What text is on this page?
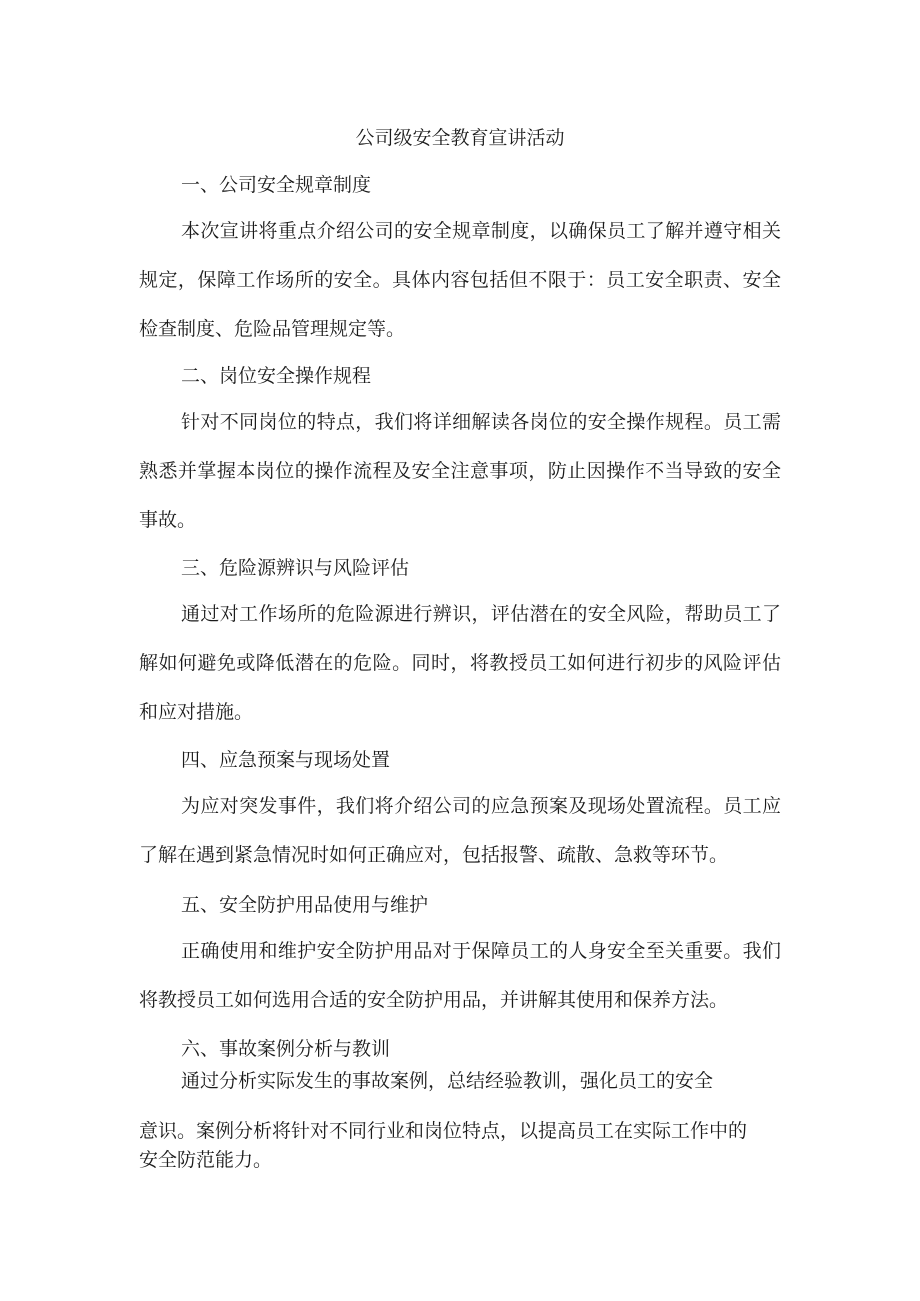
公司级安全教育宣讲活动
一、公司安全规章制度
本次宣讲将重点介绍公司的安全规章制度，以确保员工了解并遵守相关规定，保障工作场所的安全。具体内容包括但不限于：员工安全职责、安全检查制度、危险品管理规定等。
二、岗位安全操作规程
针对不同岗位的特点，我们将详细解读各岗位的安全操作规程。员工需熟悉并掌握本岗位的操作流程及安全注意事项，防止因操作不当导致的安全事故。
三、危险源辨识与风险评估
通过对工作场所的危险源进行辨识，评估潜在的安全风险，帮助员工了解如何避免或降低潜在的危险。同时，将教授员工如何进行初步的风险评估和应对措施。
四、应急预案与现场处置
为应对突发事件，我们将介绍公司的应急预案及现场处置流程。员工应了解在遇到紧急情况时如何正确应对，包括报警、疏散、急救等环节。
五、安全防护用品使用与维护
正确使用和维护安全防护用品对于保障员工的人身安全至关重要。我们将教授员工如何选用合适的安全防护用品，并讲解其使用和保养方法。
六、事故案例分析与教训
通过分析实际发生的事故案例，总结经验教训，强化员工的安全
意识。案例分析将针对不同行业和岗位特点，以提高员工在实际工作中的
安全防范能力。
